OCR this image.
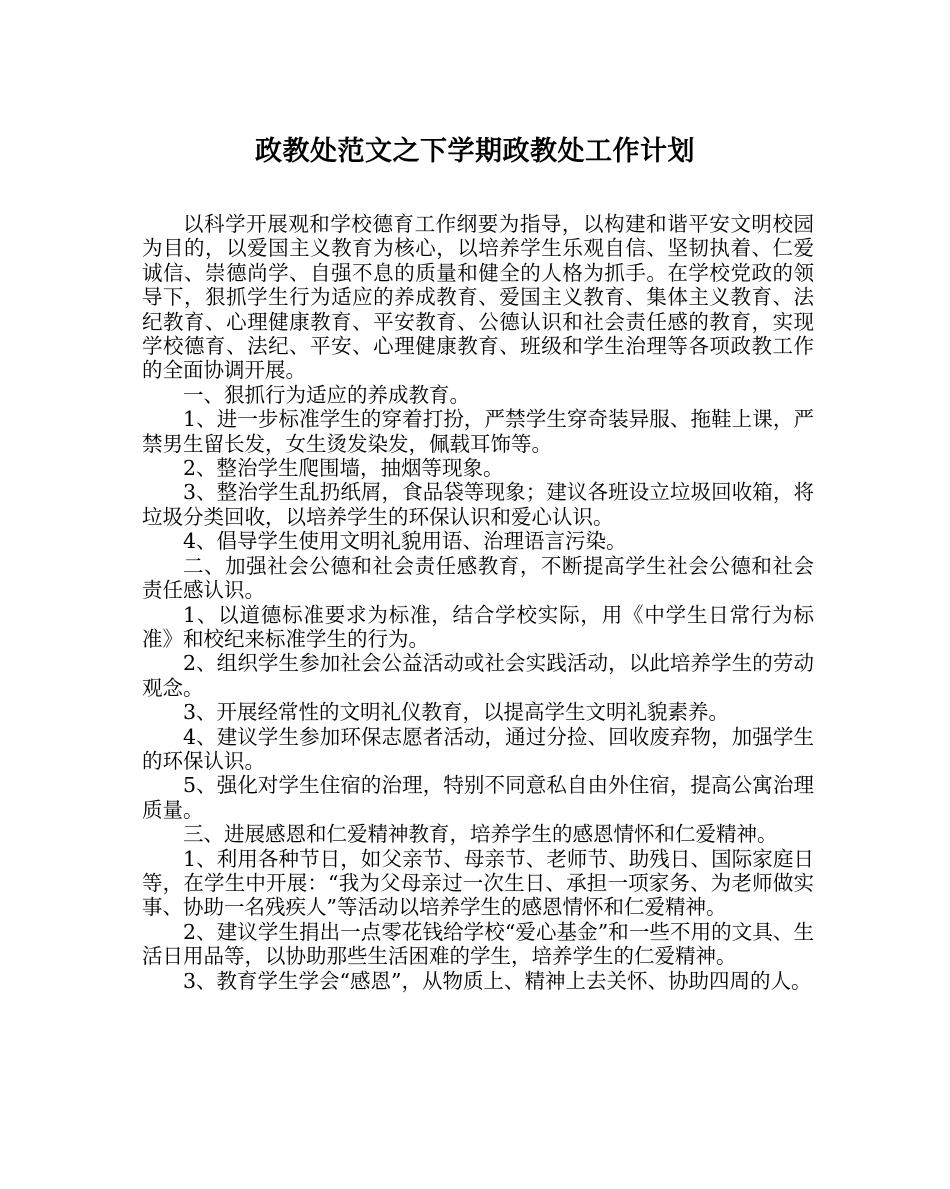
政教处范文之下学期政教处工作计划

以科学开展观和学校德育工作纲要为指导，以构建和谐平安文明校园为目的，以爱国主义教育为核心，以培养学生乐观自信、坚韧执着、仁爱诚信、崇德尚学、自强不息的质量和健全的人格为抓手。在学校党政的领导下，狠抓学生行为适应的养成教育、爱国主义教育、集体主义教育、法纪教育、心理健康教育、平安教育、公德认识和社会责任感的教育，实现学校德育、法纪、平安、心理健康教育、班级和学生治理等各项政教工作的全面协调开展。

一、狠抓行为适应的养成教育。

1、进一步标准学生的穿着打扮，严禁学生穿奇装异服、拖鞋上课，严禁男生留长发，女生烫发染发，佩载耳饰等。

2、整治学生爬围墙，抽烟等现象。

3、整治学生乱扔纸屑，食品袋等现象；建议各班设立垃圾回收箱，将垃圾分类回收，以培养学生的环保认识和爱心认识。

4、倡导学生使用文明礼貌用语、治理语言污染。

二、加强社会公德和社会责任感教育，不断提高学生社会公德和社会责任感认识。

1、以道德标准要求为标准，结合学校实际，用《中学生日常行为标准》和校纪来标准学生的行为。

2、组织学生参加社会公益活动或社会实践活动，以此培养学生的劳动观念。

3、开展经常性的文明礼仪教育，以提高学生文明礼貌素养。

4、建议学生参加环保志愿者活动，通过分捡、回收废弃物，加强学生的环保认识。

5、强化对学生住宿的治理，特别不同意私自由外住宿，提高公寓治理质量。

三、进展感恩和仁爱精神教育，培养学生的感恩情怀和仁爱精神。

1、利用各种节日，如父亲节、母亲节、老师节、助残日、国际家庭日等，在学生中开展：“我为父母亲过一次生日、承担一项家务、为老师做实事、协助一名残疾人”等活动以培养学生的感恩情怀和仁爱精神。

2、建议学生捐出一点零花钱给学校“爱心基金”和一些不用的文具、生活日用品等，以协助那些生活困难的学生，培养学生的仁爱精神。

3、教育学生学会“感恩”，从物质上、精神上去关怀、协助四周的人。
